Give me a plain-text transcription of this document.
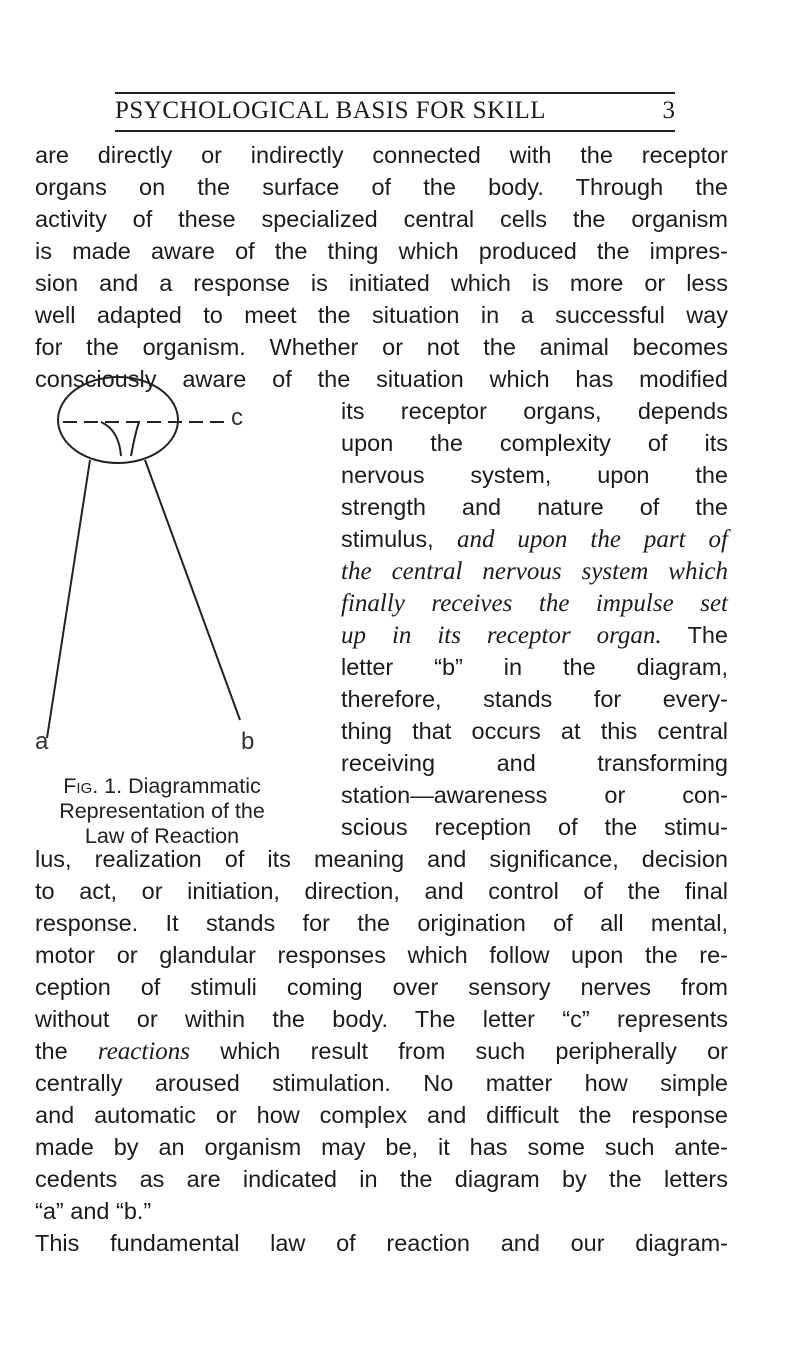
PSYCHOLOGICAL BASIS FOR SKILL	3
are directly or indirectly connected with the receptor
organs on the surface of the body. Through the
activity of these specialized central cells the organism
is made aware of the thing which produced the impres-
sion and a response is initiated which is more or less
well adapted to meet the situation in a successful way
for the organism. Whether or not the animal becomes
consciously aware of the situation which has modified
its receptor organs, depends
upon the complexity of its
nervous system, upon the
strength and nature of the
stimulus, and upon the part of
the central nervous system which
finally receives the impulse set
up in its receptor organ. The
letter “b” in the diagram,
therefore, stands for every-
thing that occurs at this central
receiving and transforming
station—awareness or con-
scious reception of the stimu-
lus, realization of its meaning and significance, decision
to act, or initiation, direction, and control of the final
response. It stands for the origination of all mental,
motor or glandular responses which follow upon the re-
ception of stimuli coming over sensory nerves from
without or within the body. The letter “c” represents
the reactions which result from such peripherally or
centrally aroused stimulation. No matter how simple
and automatic or how complex and difficult the response
made by an organism may be, it has some such ante-
cedents as are indicated in the diagram by the letters
“a” and “b.”
This fundamental law of reaction and our diagram-
a	b
c
Fig. 1. Diagrammatic
Representation of the
Law of Reaction
